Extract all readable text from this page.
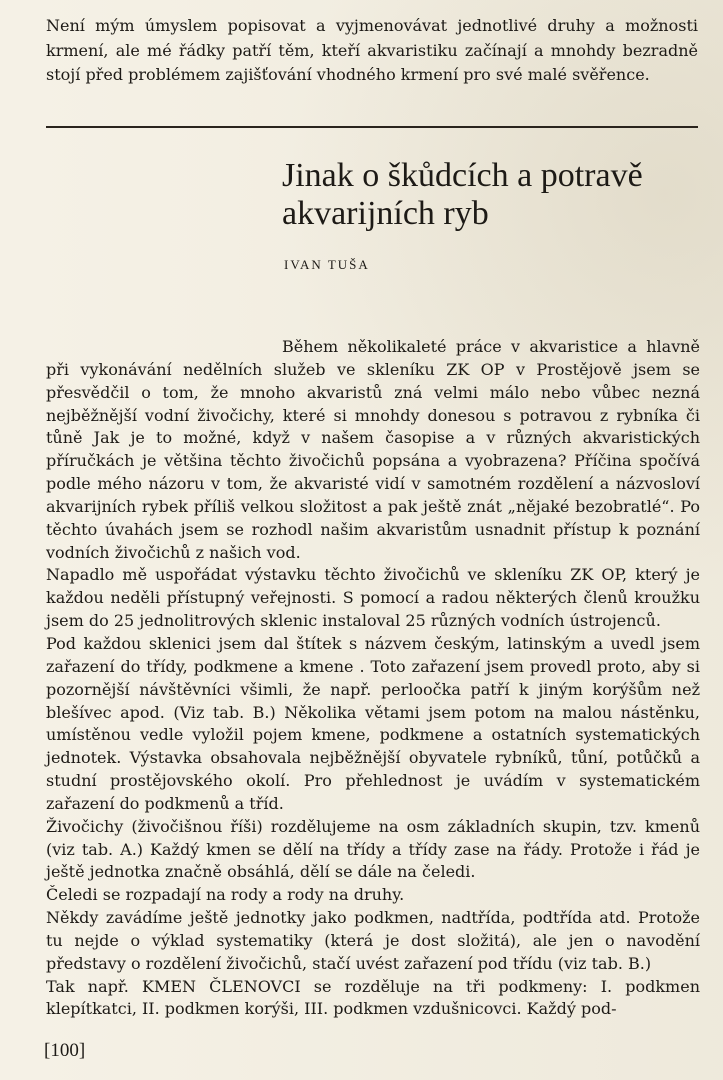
Není mým úmyslem popisovat a vyjmenovávat jednotlivé druhy a možnosti krmení, ale mé řádky patří těm, kteří akvaristiku začínají a mnohdy bezradně stojí před problémem zajišťování vhodného krmení pro své malé svěřence.

Jinak o škůdcích a potravě akvarijních ryb
IVAN TUŠA

Během několikaleté práce v akvaristice a hlavně při vykonávání nedělních služeb ve skleníku ZK OP v Prostějově jsem se přesvědčil o tom, že mnoho akvaristů zná velmi málo nebo vůbec nezná nejběžnější vodní živočichy, které si mnohdy donesou s potravou z rybníka či tůně Jak je to možné, když v našem časopise a v různých akvaristických příručkách je většina těchto živočichů popsána a vyobrazena? Příčina spočívá podle mého názoru v tom, že akvaristé vidí v samotném rozdělení a názvosloví akvarijních rybek příliš velkou složitost a pak ještě znát „nějaké bezobratlé“. Po těchto úvahách jsem se rozhodl našim akvaristům usnadnit přístup k poznání vodních živočichů z našich vod.

Napadlo mě uspořádat výstavku těchto živočichů ve skleníku ZK OP, který je každou neděli přístupný veřejnosti. S pomocí a radou některých členů kroužku jsem do 25 jednolitrových sklenic instaloval 25 různých vodních ústrojenců.

Pod každou sklenici jsem dal štítek s názvem českým, latinským a uvedl jsem zařazení do třídy, podkmene a kmene . Toto zařazení jsem provedl proto, aby si pozornější návštěvníci všimli, že např. perloočka patří k jiným korýšům než blešívec apod. (Viz tab. B.) Několika větami jsem potom na malou nástěnku, umístěnou vedle vyložil pojem kmene, podkmene a ostatních systematických jednotek. Výstavka obsahovala nejběžnější obyvatele rybníků, tůní, potůčků a studní prostějovského okolí. Pro přehlednost je uvádím v systematickém zařazení do podkmenů a tříd.

Živočichy (živočišnou říši) rozdělujeme na osm základních skupin, tzv. kmenů (viz tab. A.) Každý kmen se dělí na třídy a třídy zase na řády. Protože i řád je ještě jednotka značně obsáhlá, dělí se dále na čeledi.

Čeledi se rozpadají na rody a rody na druhy.

Někdy zavádíme ještě jednotky jako podkmen, nadtřída, podtřída atd. Protože tu nejde o výklad systematiky (která je dost složitá), ale jen o navodění představy o rozdělení živočichů, stačí uvést zařazení pod třídu (viz tab. B.)

Tak např. KMEN ČLENOVCI se rozděluje na tři podkmeny: I. podkmen klepítkatci, II. podkmen korýši, III. podkmen vzdušnicovci. Každý pod-

[100]
